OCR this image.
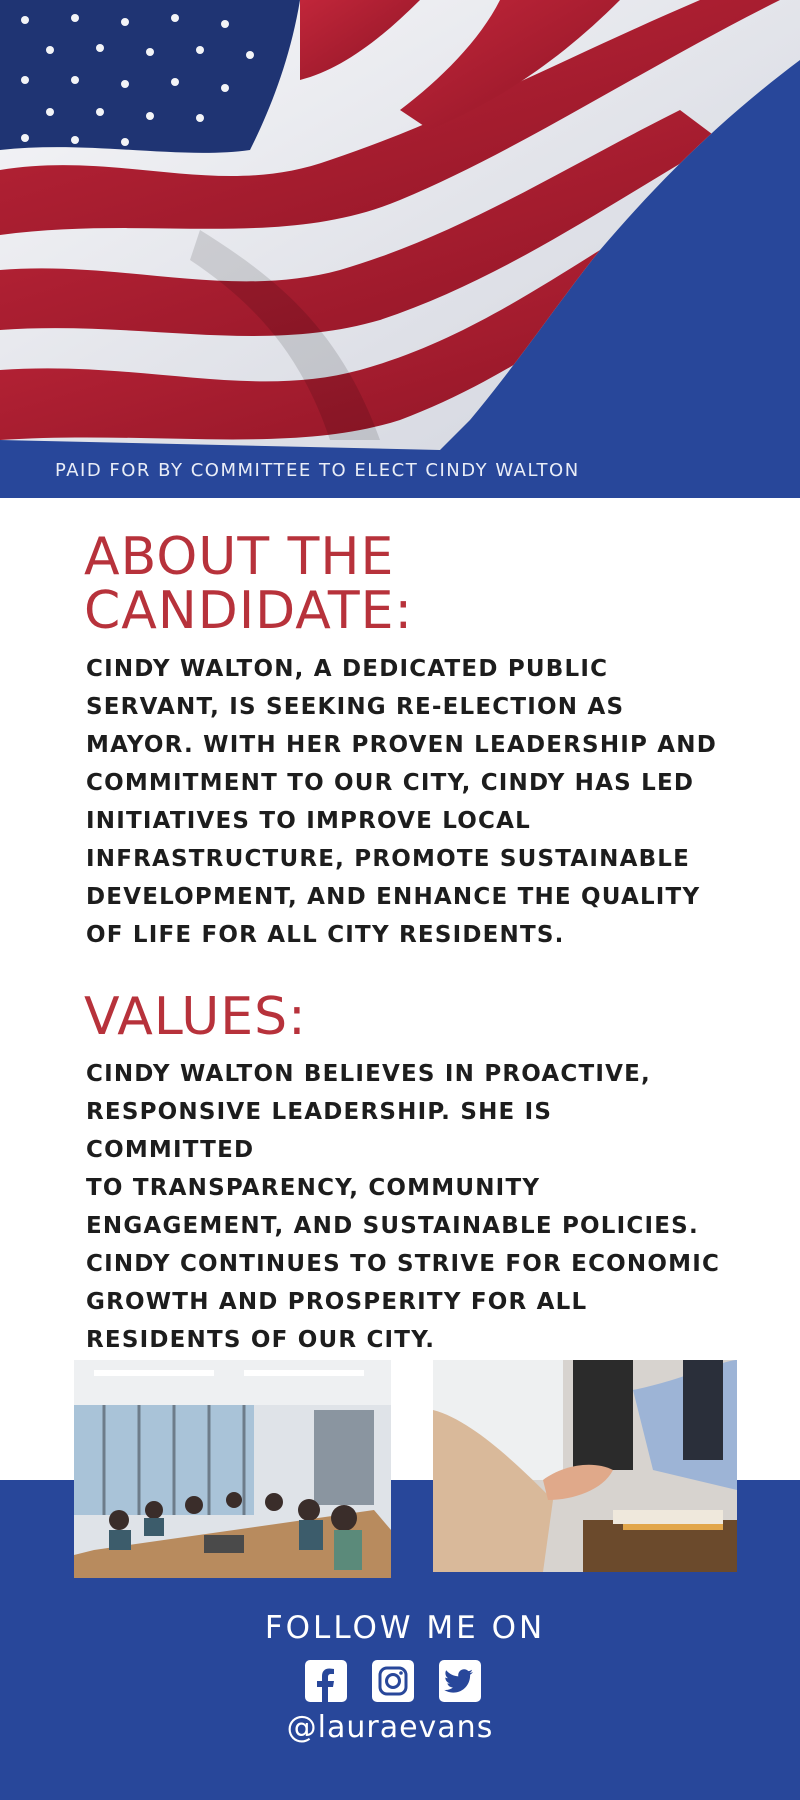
PAID FOR BY COMMITTEE TO ELECT CINDY WALTON
ABOUT THE
CANDIDATE:
CINDY WALTON, A DEDICATED PUBLIC
SERVANT, IS SEEKING RE-ELECTION AS
MAYOR. WITH HER PROVEN LEADERSHIP AND
COMMITMENT TO OUR CITY, CINDY HAS LED
INITIATIVES TO IMPROVE LOCAL
INFRASTRUCTURE, PROMOTE SUSTAINABLE
DEVELOPMENT, AND ENHANCE THE QUALITY
OF LIFE FOR ALL CITY RESIDENTS.
VALUES:
CINDY WALTON BELIEVES IN PROACTIVE,
RESPONSIVE LEADERSHIP. SHE IS COMMITTED
TO TRANSPARENCY, COMMUNITY
ENGAGEMENT, AND SUSTAINABLE POLICIES.
CINDY CONTINUES TO STRIVE FOR ECONOMIC
GROWTH AND PROSPERITY FOR ALL
RESIDENTS OF OUR CITY.
FOLLOW ME ON
@lauraevans
